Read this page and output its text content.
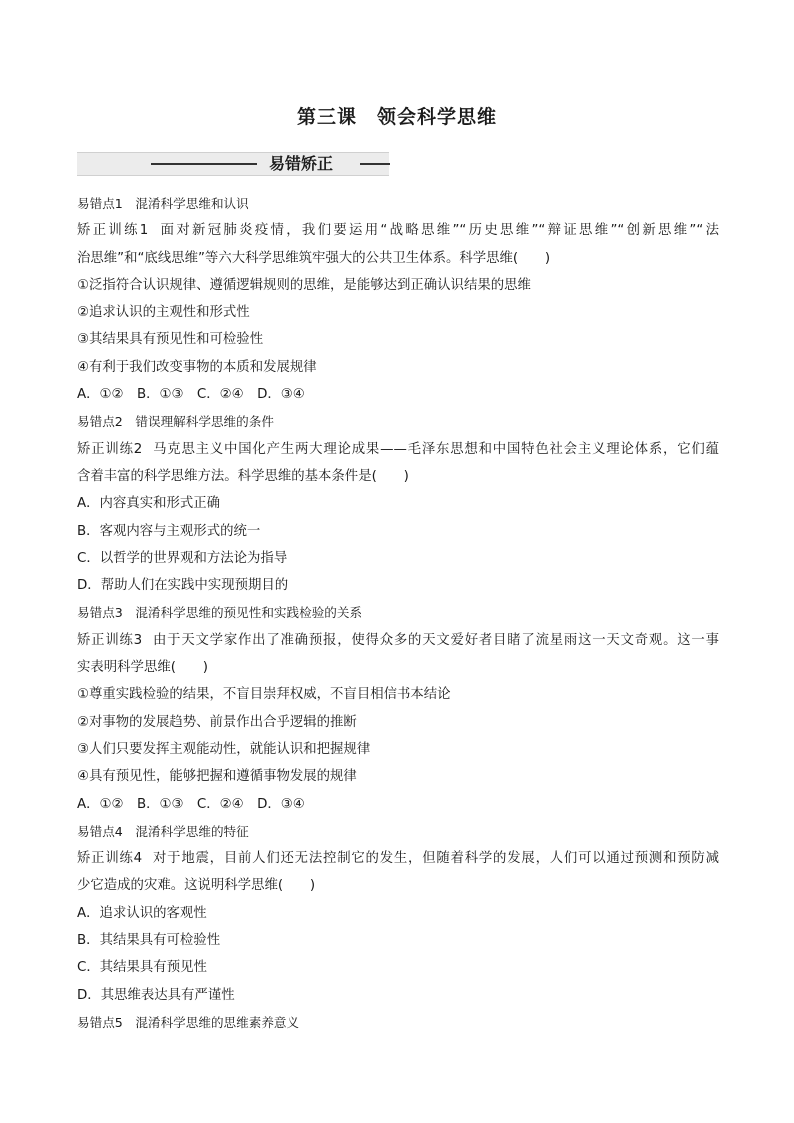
第三课　领会科学思维
易错矫正
易错点1　混淆科学思维和认识
矫正训练1 面对新冠肺炎疫情，我们要运用“战略思维”“历史思维”“辩证思维”“创新思维”“法
治思维”和“底线思维”等六大科学思维筑牢强大的公共卫生体系。科学思维(　　)
①泛指符合认识规律、遵循逻辑规则的思维，是能够达到正确认识结果的思维
②追求认识的主观性和形式性
③其结果具有预见性和可检验性
④有利于我们改变事物的本质和发展规律
A．①②　B．①③　C．②④　D．③④
易错点2　错误理解科学思维的条件
矫正训练2 马克思主义中国化产生两大理论成果——毛泽东思想和中国特色社会主义理论体系，它们蕴
含着丰富的科学思维方法。科学思维的基本条件是(　　)
A．内容真实和形式正确
B．客观内容与主观形式的统一
C．以哲学的世界观和方法论为指导
D．帮助人们在实践中实现预期目的
易错点3　混淆科学思维的预见性和实践检验的关系
矫正训练3 由于天文学家作出了准确预报，使得众多的天文爱好者目睹了流星雨这一天文奇观。这一事
实表明科学思维(　　)
①尊重实践检验的结果，不盲目崇拜权威，不盲目相信书本结论
②对事物的发展趋势、前景作出合乎逻辑的推断
③人们只要发挥主观能动性，就能认识和把握规律
④具有预见性，能够把握和遵循事物发展的规律
A．①②　B．①③　C．②④　D．③④
易错点4　混淆科学思维的特征
矫正训练4 对于地震，目前人们还无法控制它的发生，但随着科学的发展，人们可以通过预测和预防减
少它造成的灾难。这说明科学思维(　　)
A．追求认识的客观性
B．其结果具有可检验性
C．其结果具有预见性
D．其思维表达具有严谨性
易错点5　混淆科学思维的思维素养意义
